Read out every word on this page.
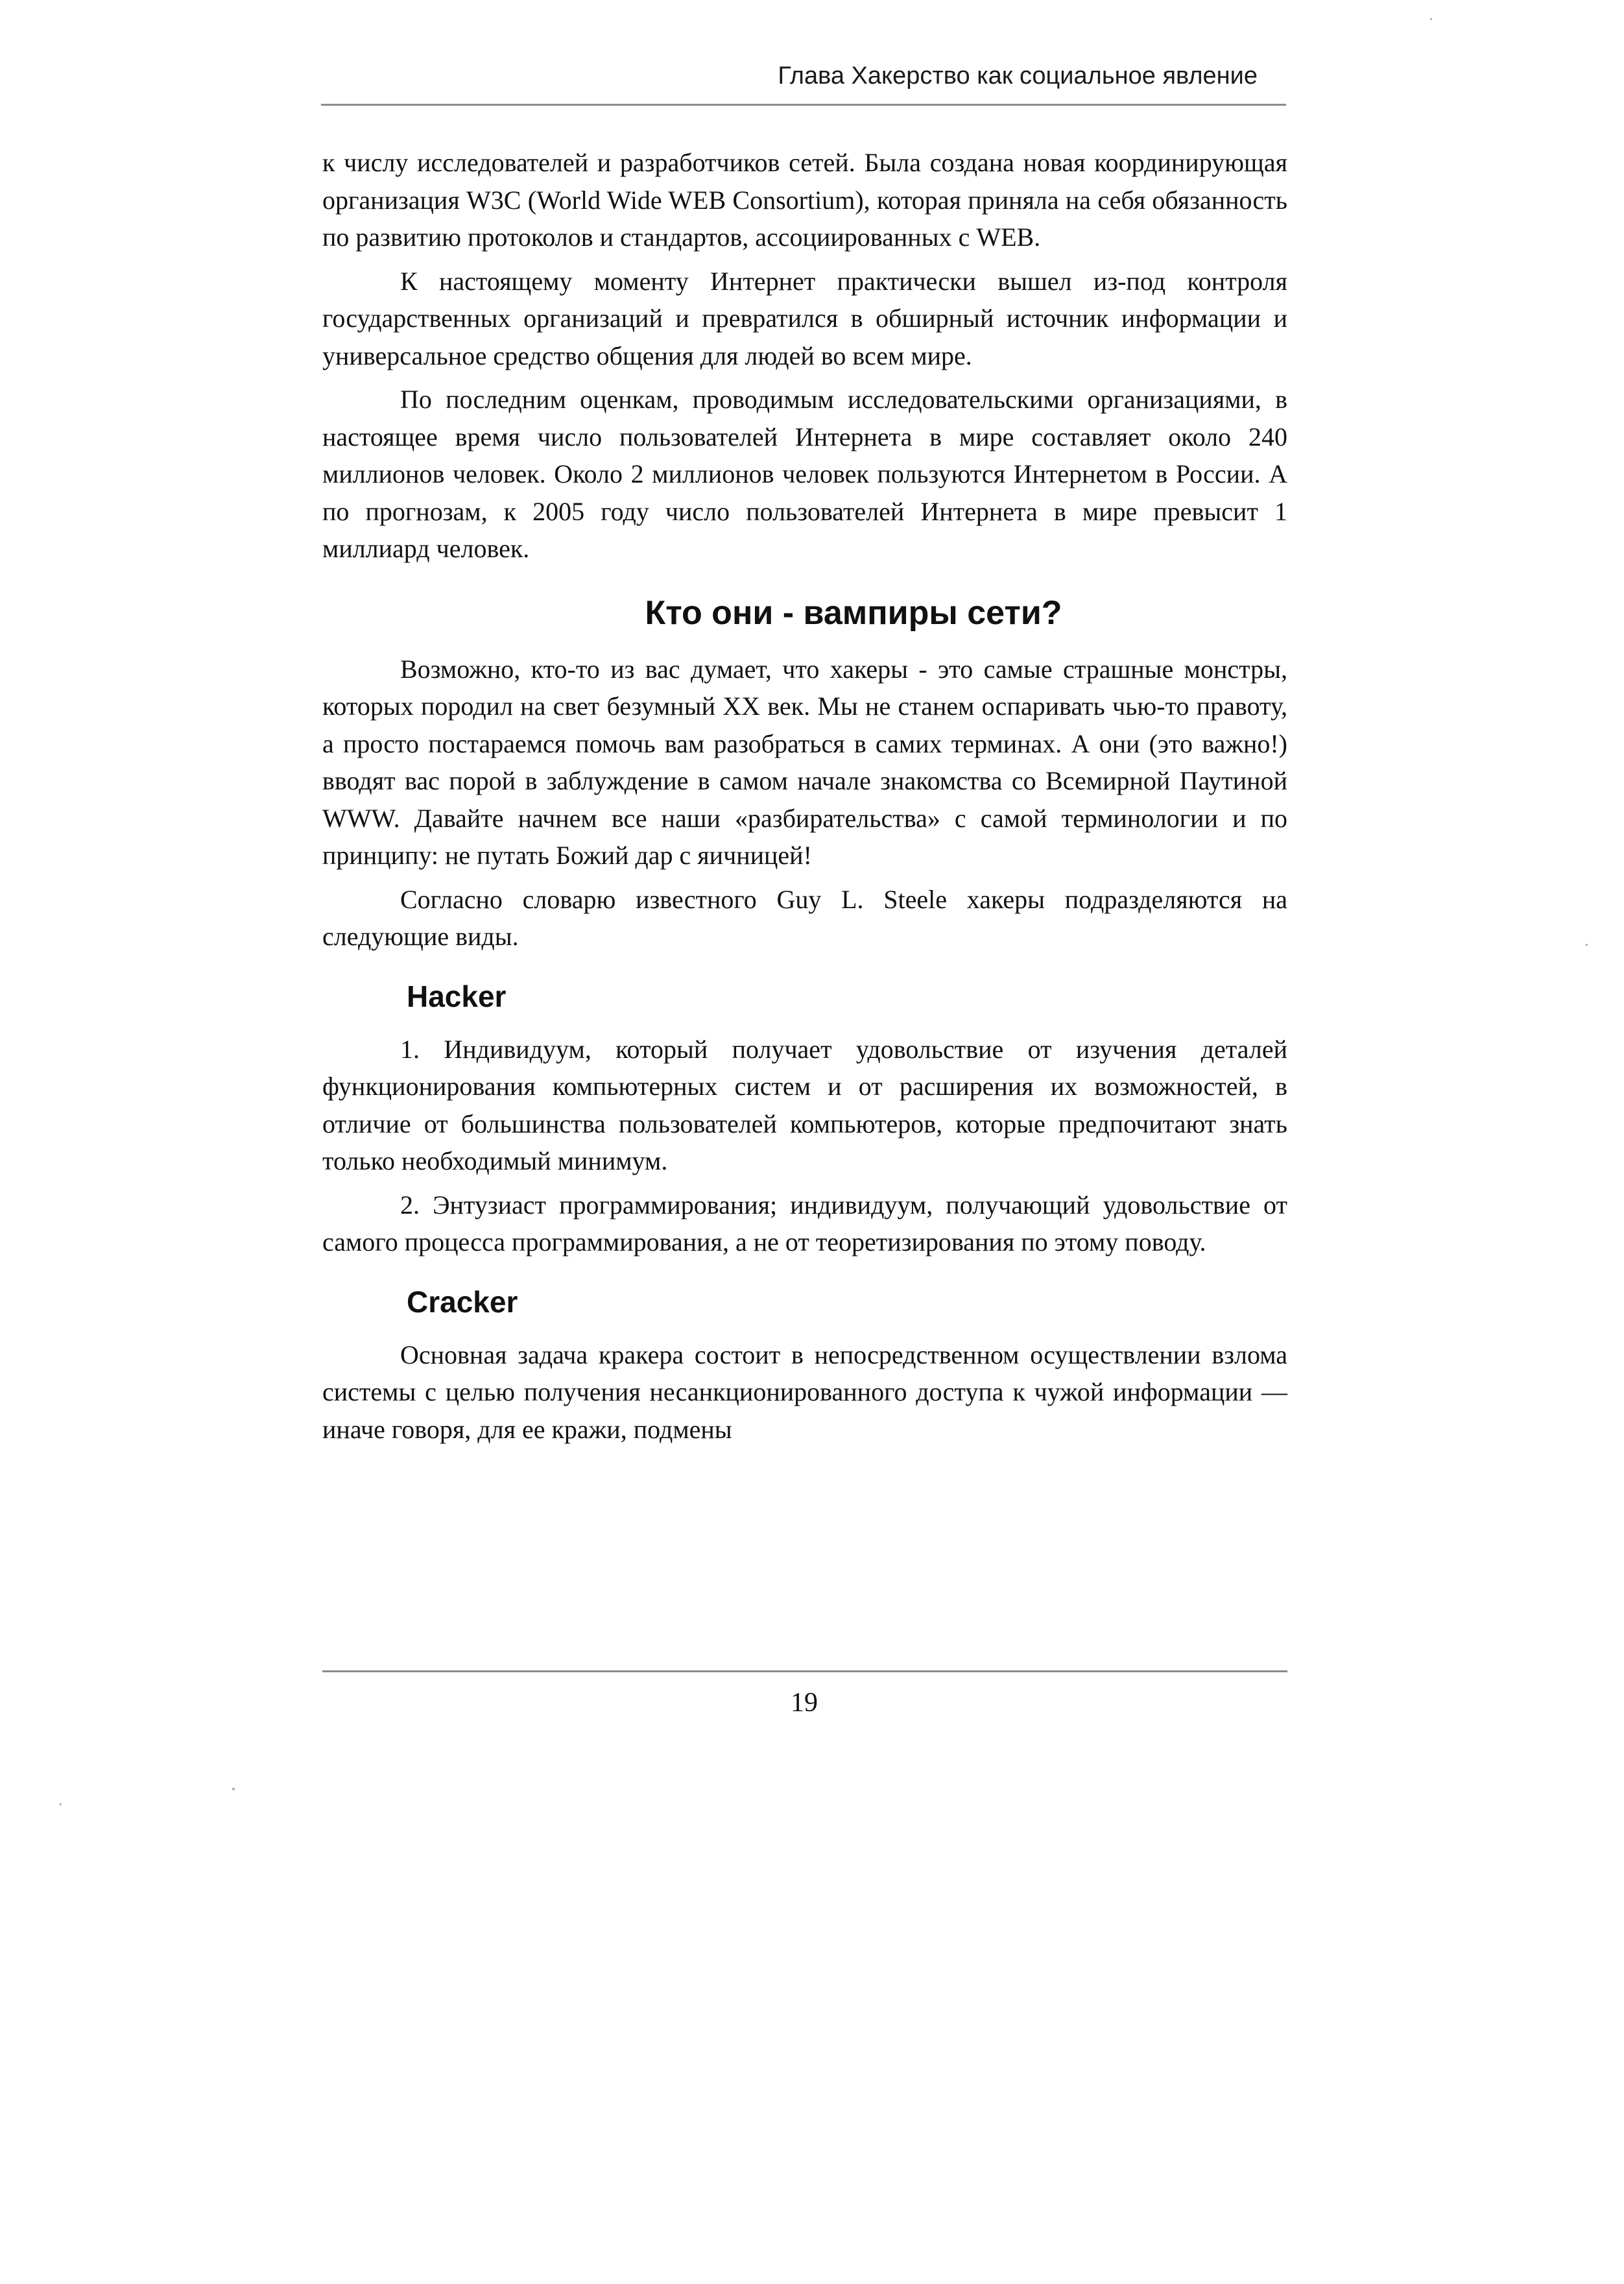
Глава Хакерство как социальное явление

к числу исследователей и разработчиков сетей. Была создана новая координирующая организация W3C (World Wide WEB Consortium), которая приняла на себя обязанность по развитию протоколов и стандартов, ассоциированных с WEB.

К настоящему моменту Интернет практически вышел из-под контроля государственных организаций и превратился в обширный источник информации и универсальное средство общения для людей во всем мире.

По последним оценкам, проводимым исследовательскими организациями, в настоящее время число пользователей Интернета в мире составляет около 240 миллионов человек. Около 2 миллионов человек пользуются Интернетом в России. А по прогнозам, к 2005 году число пользователей Интернета в мире превысит 1 миллиард человек.

Кто они - вампиры сети?

Возможно, кто-то из вас думает, что хакеры - это самые страшные монстры, которых породил на свет безумный XX век. Мы не станем оспаривать чью-то правоту, а просто постараемся помочь вам разобраться в самих терминах. А они (это важно!) вводят вас порой в заблуждение в самом начале знакомства со Всемирной Паутиной WWW. Давайте начнем все наши «разбирательства» с самой терминологии и по принципу: не путать Божий дар с яичницей!

Согласно словарю известного Guy L. Steele хакеры подразделяются на следующие виды.

Hacker

1. Индивидуум, который получает удовольствие от изучения деталей функционирования компьютерных систем и от расширения их возможностей, в отличие от большинства пользователей компьютеров, которые предпочитают знать только необходимый минимум.

2. Энтузиаст программирования; индивидуум, получающий удовольствие от самого процесса программирования, а не от теоретизирования по этому поводу.

Cracker

Основная задача кракера состоит в непосредственном осуществлении взлома системы с целью получения несанкционированного доступа к чужой информации — иначе говоря, для ее кражи, подмены

19
